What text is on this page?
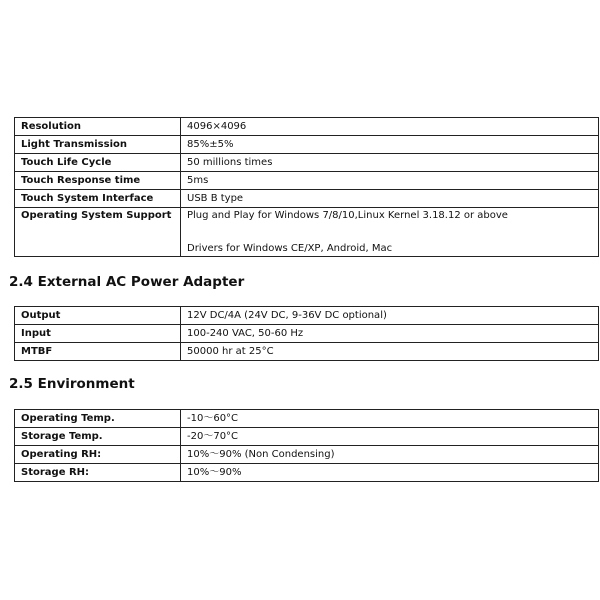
Resolution	4096×4096
Light Transmission	85%±5%
Touch Life Cycle	50 millions times
Touch Response time	5ms
Touch System Interface	USB B type
Operating System Support	Plug and Play for Windows 7/8/10,Linux Kernel 3.18.12 or above
Drivers for Windows CE/XP, Android, Mac
2.4 External AC Power Adapter
Output	12V DC/4A (24V DC, 9-36V DC optional)
Input	100-240 VAC, 50-60 Hz
MTBF	50000 hr at 25°C
2.5 Environment
Operating Temp.	-10～60°C
Storage Temp.	-20～70°C
Operating RH:	10%～90% (Non Condensing)
Storage RH:	10%～90%
